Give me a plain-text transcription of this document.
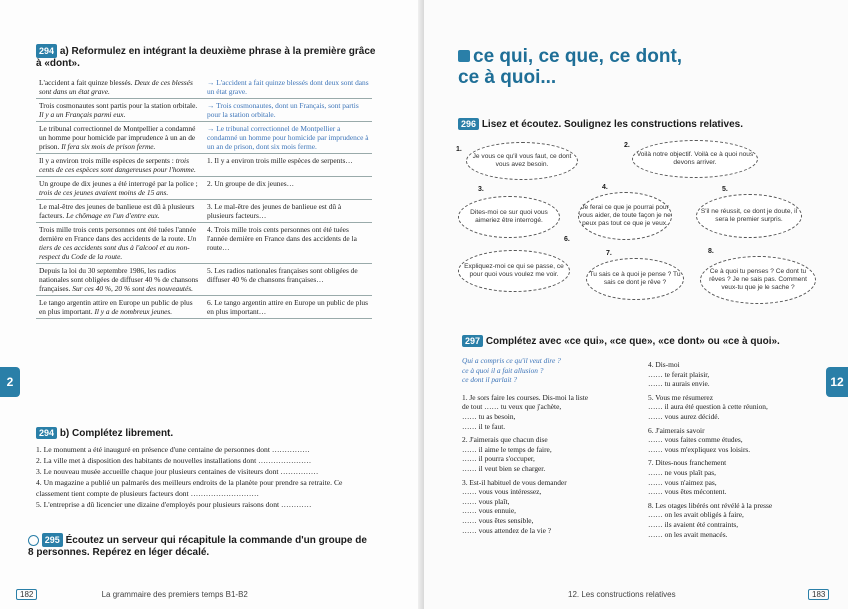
294 a) Reformulez en intégrant la deuxième phrase à la première grâce à «dont».
L'accident a fait quinze blessés. Deux de ces blessés sont dans un état grave.	→ L'accident a fait quinze blessés dont deux sont dans un état grave.
Trois cosmonautes sont partis pour la station orbitale. Il y a un Français parmi eux.	→ Trois cosmonautes, dont un Français, sont partis pour la station orbitale.
Le tribunal correctionnel de Montpellier a condamné un homme pour homicide par imprudence à un an de prison. Il fera six mois de prison ferme.	→ Le tribunal correctionnel de Montpellier a condamné un homme pour homicide par imprudence à un an de prison, dont six mois ferme.
Il y a environ trois mille espèces de serpents : trois cents de ces espèces sont dangereuses pour l'homme.	1. Il y a environ trois mille espèces de serpents…
Un groupe de dix jeunes a été interrogé par la police ; trois de ces jeunes avaient moins de 15 ans.	2. Un groupe de dix jeunes…
Le mal-être des jeunes de banlieue est dû à plusieurs facteurs. Le chômage en l'un d'entre eux.	3. Le mal-être des jeunes de banlieue est dû à plusieurs facteurs…
Trois mille trois cents personnes ont été tuées l'année dernière en France dans des accidents de la route. Un tiers de ces accidents sont dus à l'alcool et au non-respect du Code de la route.	4. Trois mille trois cents personnes ont été tuées l'année dernière en France dans des accidents de la route…
Depuis la loi du 30 septembre 1986, les radios nationales sont obligées de diffuser 40 % de chansons françaises. Sur ces 40 %, 20 % sont des nouveautés.	5. Les radios nationales françaises sont obligées de diffuser 40 % de chansons françaises…
Le tango argentin attire en Europe un public de plus en plus important. Il y a de nombreux jeunes.	6. Le tango argentin attire en Europe un public de plus en plus important…
294 b) Complétez librement.
1. Le monument a été inauguré en présence d'une centaine de personnes dont ……………
2. La ville met à disposition des habitants de nouvelles installations dont …………………
3. Le nouveau musée accueille chaque jour plusieurs centaines de visiteurs dont ……………
4. Un magazine a publié un palmarès des meilleurs endroits de la planète pour prendre sa retraite. Ce classement tient compte de plusieurs facteurs dont ………………………
5. L'entreprise a dû licencier une dizaine d'employés pour plusieurs raisons dont …………
295 Écoutez un serveur qui récapitule la commande d'un groupe de 8 personnes. Repérez en léger décalé.
2
182	La grammaire des premiers temps B1-B2
ce qui, ce que, ce dont,
ce à quoi...
296 Lisez et écoutez. Soulignez les constructions relatives.
1.
Je vous ce qu'il vous faut, ce dont vous avez besoin.
2.
Voilà notre objectif. Voilà ce à quoi nous devons arriver.
3.
Dites-moi ce sur quoi vous aimeriez être interrogé.
4.
Je ferai ce que je pourrai pour vous aider, de toute façon je ne peux pas tout ce que je veux.
5.
S'il ne réussit, ce dont je doute, il sera le premier surpris.
6.
Expliquez-moi ce qui se passe, ce pour quoi vous voulez me voir.
7.
Tu sais ce à quoi je pense ? Tu sais ce dont je rêve ?
8.
Ce à quoi tu penses ? Ce dont tu rêves ? Je ne sais pas. Comment veux-tu que je le sache ?
297 Complétez avec «ce qui», «ce que», «ce dont» ou «ce à quoi».
Qui a compris ce qu'il veut dire ?
ce à quoi il a fait allusion ?
ce dont il parlait ?
1. Je sors faire les courses. Dis-moi la liste
de tout …… tu veux que j'achète,
…… tu as besoin,
…… il te faut.
2. J'aimerais que chacun dise
…… il aime le temps de faire,
…… il pourra s'occuper,
…… il veut bien se charger.
3. Est-il habituel de vous demander
…… vous vous intéressez,
…… vous plaît,
…… vous ennuie,
…… vous êtes sensible,
…… vous attendez de la vie ?
4. Dis-moi
…… te ferait plaisir,
…… tu aurais envie.
5. Vous me résumerez
…… il aura été question à cette réunion,
…… vous aurez décidé.
6. J'aimerais savoir
…… vous faites comme études,
…… vous m'expliquez vos loisirs.
7. Dites-nous franchement
…… ne vous plaît pas,
…… vous n'aimez pas,
…… vous êtes mécontent.
8. Les otages libérés ont révélé à la presse
…… on les avait obligés à faire,
…… ils avaient été contraints,
…… on les avait menacés.
12
12. Les constructions relatives	183
